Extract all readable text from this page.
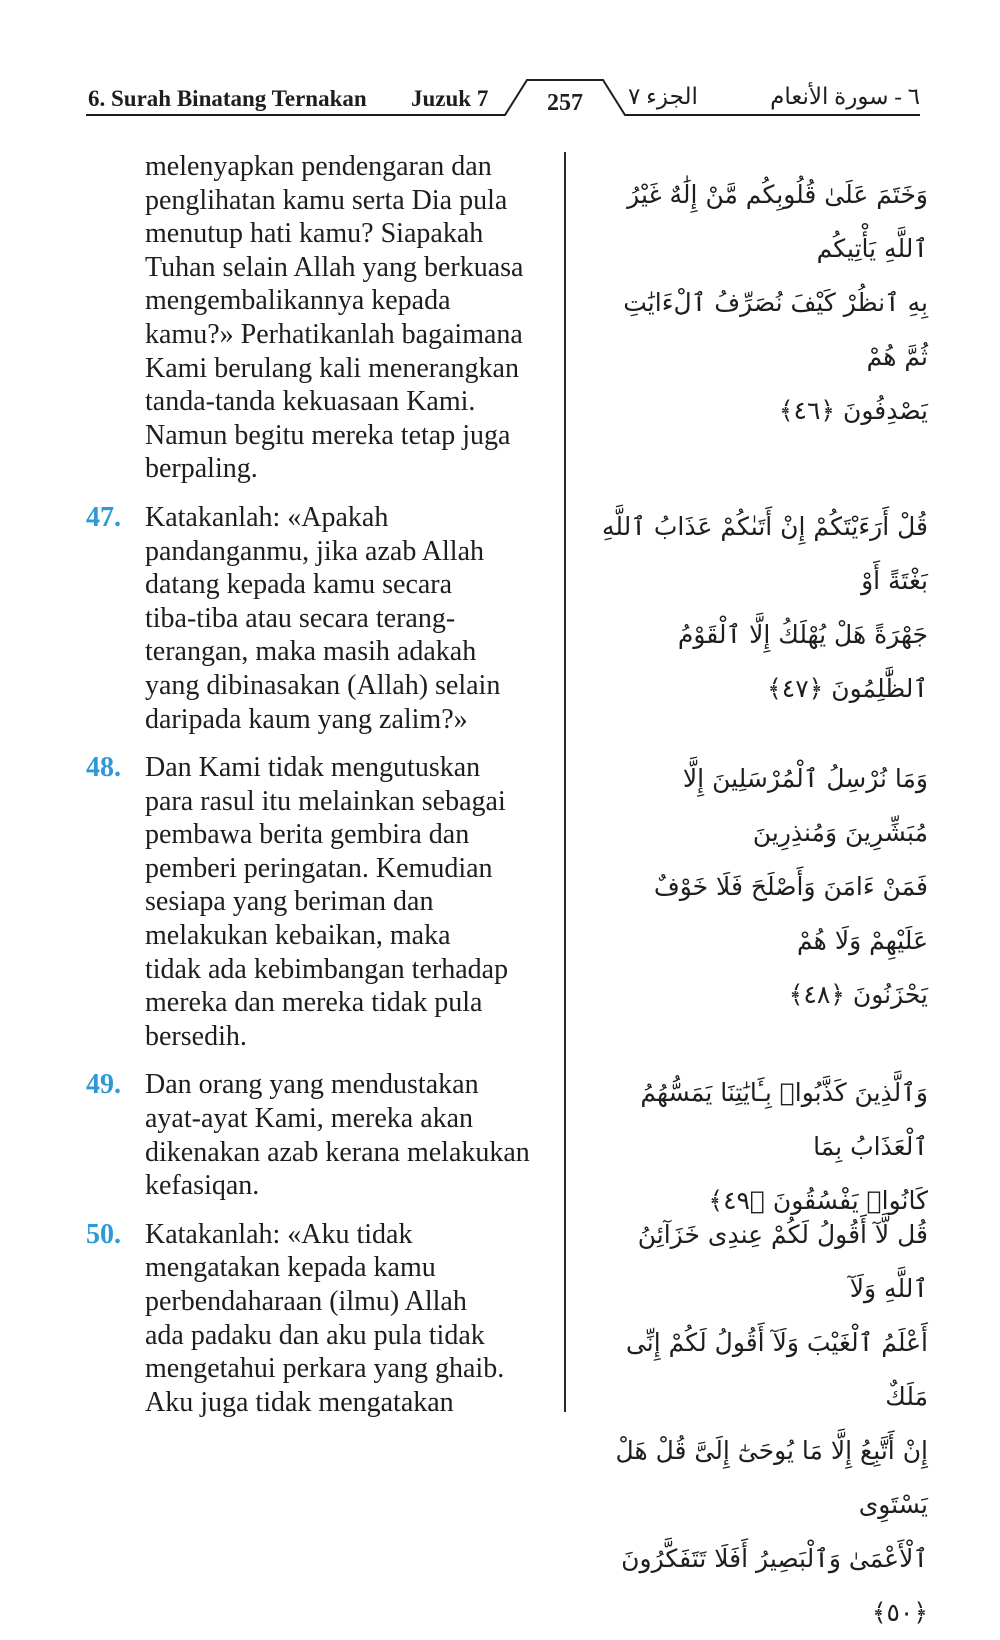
6. Surah Binatang Ternakan Juzuk 7	257	الجزء ٧	٦ - سورة الأنعام
melenyapkan pendengaran dan
penglihatan kamu serta Dia pula
menutup hati kamu? Siapakah
Tuhan selain Allah yang berkuasa
mengembalikannya kepada
kamu?» Perhatikanlah bagaimana
Kami berulang kali menerangkan
tanda-tanda kekuasaan Kami.
Namun begitu mereka tetap juga
berpaling.
47. Katakanlah: «Apakah
pandanganmu, jika azab Allah
datang kepada kamu secara
tiba-tiba atau secara terang-
terangan, maka masih adakah
yang dibinasakan (Allah) selain
daripada kaum yang zalim?»
48. Dan Kami tidak mengutuskan
para rasul itu melainkan sebagai
pembawa berita gembira dan
pemberi peringatan. Kemudian
sesiapa yang beriman dan
melakukan kebaikan, maka
tidak ada kebimbangan terhadap
mereka dan mereka tidak pula
bersedih.
49. Dan orang yang mendustakan
ayat-ayat Kami, mereka akan
dikenakan azab kerana melakukan
kefasiqan.
50. Katakanlah: «Aku tidak
mengatakan kepada kamu
perbendaharaan (ilmu) Allah
ada padaku dan aku pula tidak
mengetahui perkara yang ghaib.
Aku juga tidak mengatakan
وَخَتَمَ عَلَىٰ قُلُوبِكُم مَّنْ إِلَٰهٌ غَيْرُ ٱللَّهِ يَأْتِيكُم
بِهِ ٱنظُرْ كَيْفَ نُصَرِّفُ ٱلْءَايَٰتِ ثُمَّ هُمْ
يَصْدِفُونَ ﴿٤٦﴾
قُلْ أَرَءَيْتَكُمْ إِنْ أَتَىٰكُمْ عَذَابُ ٱللَّهِ بَغْتَةً أَوْ
جَهْرَةً هَلْ يُهْلَكُ إِلَّا ٱلْقَوْمُ ٱلظَّٰلِمُونَ ﴿٤٧﴾
وَمَا نُرْسِلُ ٱلْمُرْسَلِينَ إِلَّا مُبَشِّرِينَ وَمُنذِرِينَ
فَمَنْ ءَامَنَ وَأَصْلَحَ فَلَا خَوْفٌ عَلَيْهِمْ وَلَا هُمْ
يَحْزَنُونَ ﴿٤٨﴾
وَٱلَّذِينَ كَذَّبُوا۟ بِـَٔايَٰتِنَا يَمَسُّهُمُ ٱلْعَذَابُ بِمَا
كَانُوا۟ يَفْسُقُونَ ﴿٤٩﴾
قُل لَّآ أَقُولُ لَكُمْ عِندِى خَزَآئِنُ ٱللَّهِ وَلَآ
أَعْلَمُ ٱلْغَيْبَ وَلَآ أَقُولُ لَكُمْ إِنِّى مَلَكٌ
إِنْ أَتَّبِعُ إِلَّا مَا يُوحَىٰٓ إِلَىَّ قُلْ هَلْ يَسْتَوِى
ٱلْأَعْمَىٰ وَٱلْبَصِيرُ أَفَلَا تَتَفَكَّرُونَ ﴿٥٠﴾
